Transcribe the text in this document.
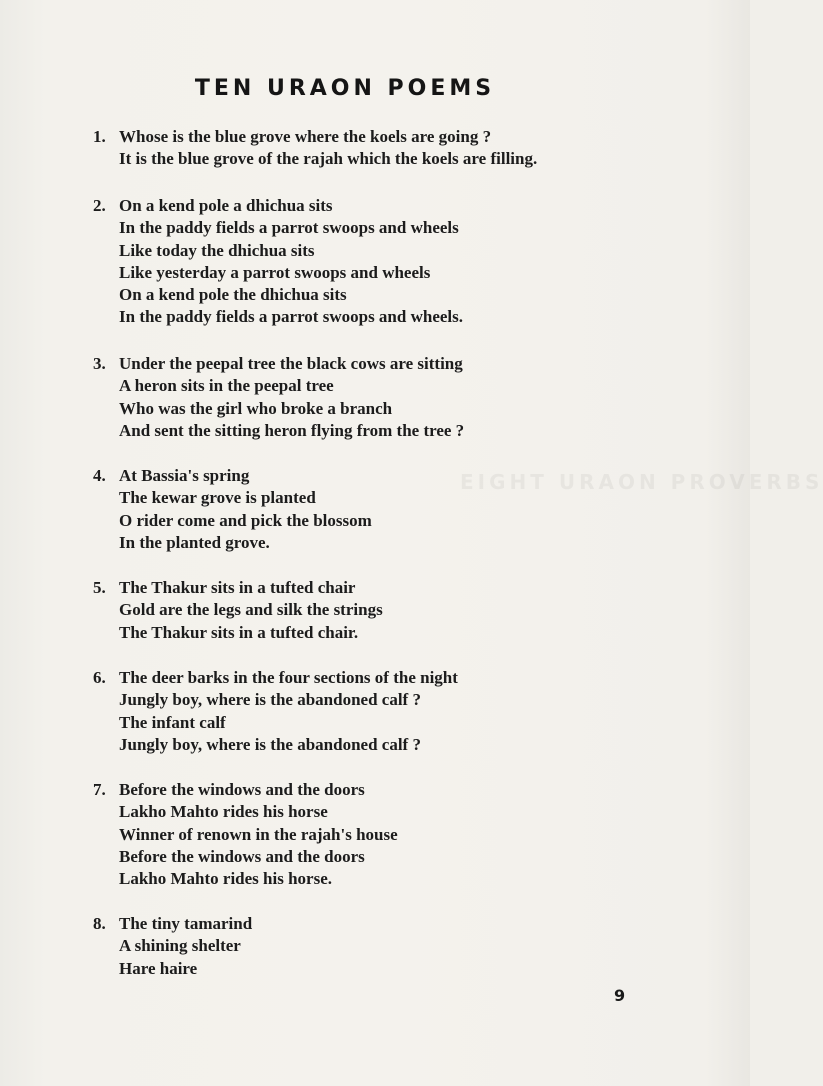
EIGHT URAON PROVERBS
TEN URAON POEMS
1. Whose is the blue grove where the koels are going ?
It is the blue grove of the rajah which the koels are filling.
2. On a kend pole a dhichua sits
In the paddy fields a parrot swoops and wheels
Like today the dhichua sits
Like yesterday a parrot swoops and wheels
On a kend pole the dhichua sits
In the paddy fields a parrot swoops and wheels.
3. Under the peepal tree the black cows are sitting
A heron sits in the peepal tree
Who was the girl who broke a branch
And sent the sitting heron flying from the tree ?
4. At Bassia's spring
The kewar grove is planted
O rider come and pick the blossom
In the planted grove.
5. The Thakur sits in a tufted chair
Gold are the legs and silk the strings
The Thakur sits in a tufted chair.
6. The deer barks in the four sections of the night
Jungly boy, where is the abandoned calf ?
The infant calf
Jungly boy, where is the abandoned calf ?
7. Before the windows and the doors
Lakho Mahto rides his horse
Winner of renown in the rajah's house
Before the windows and the doors
Lakho Mahto rides his horse.
8. The tiny tamarind
A shining shelter
Hare haire
9
